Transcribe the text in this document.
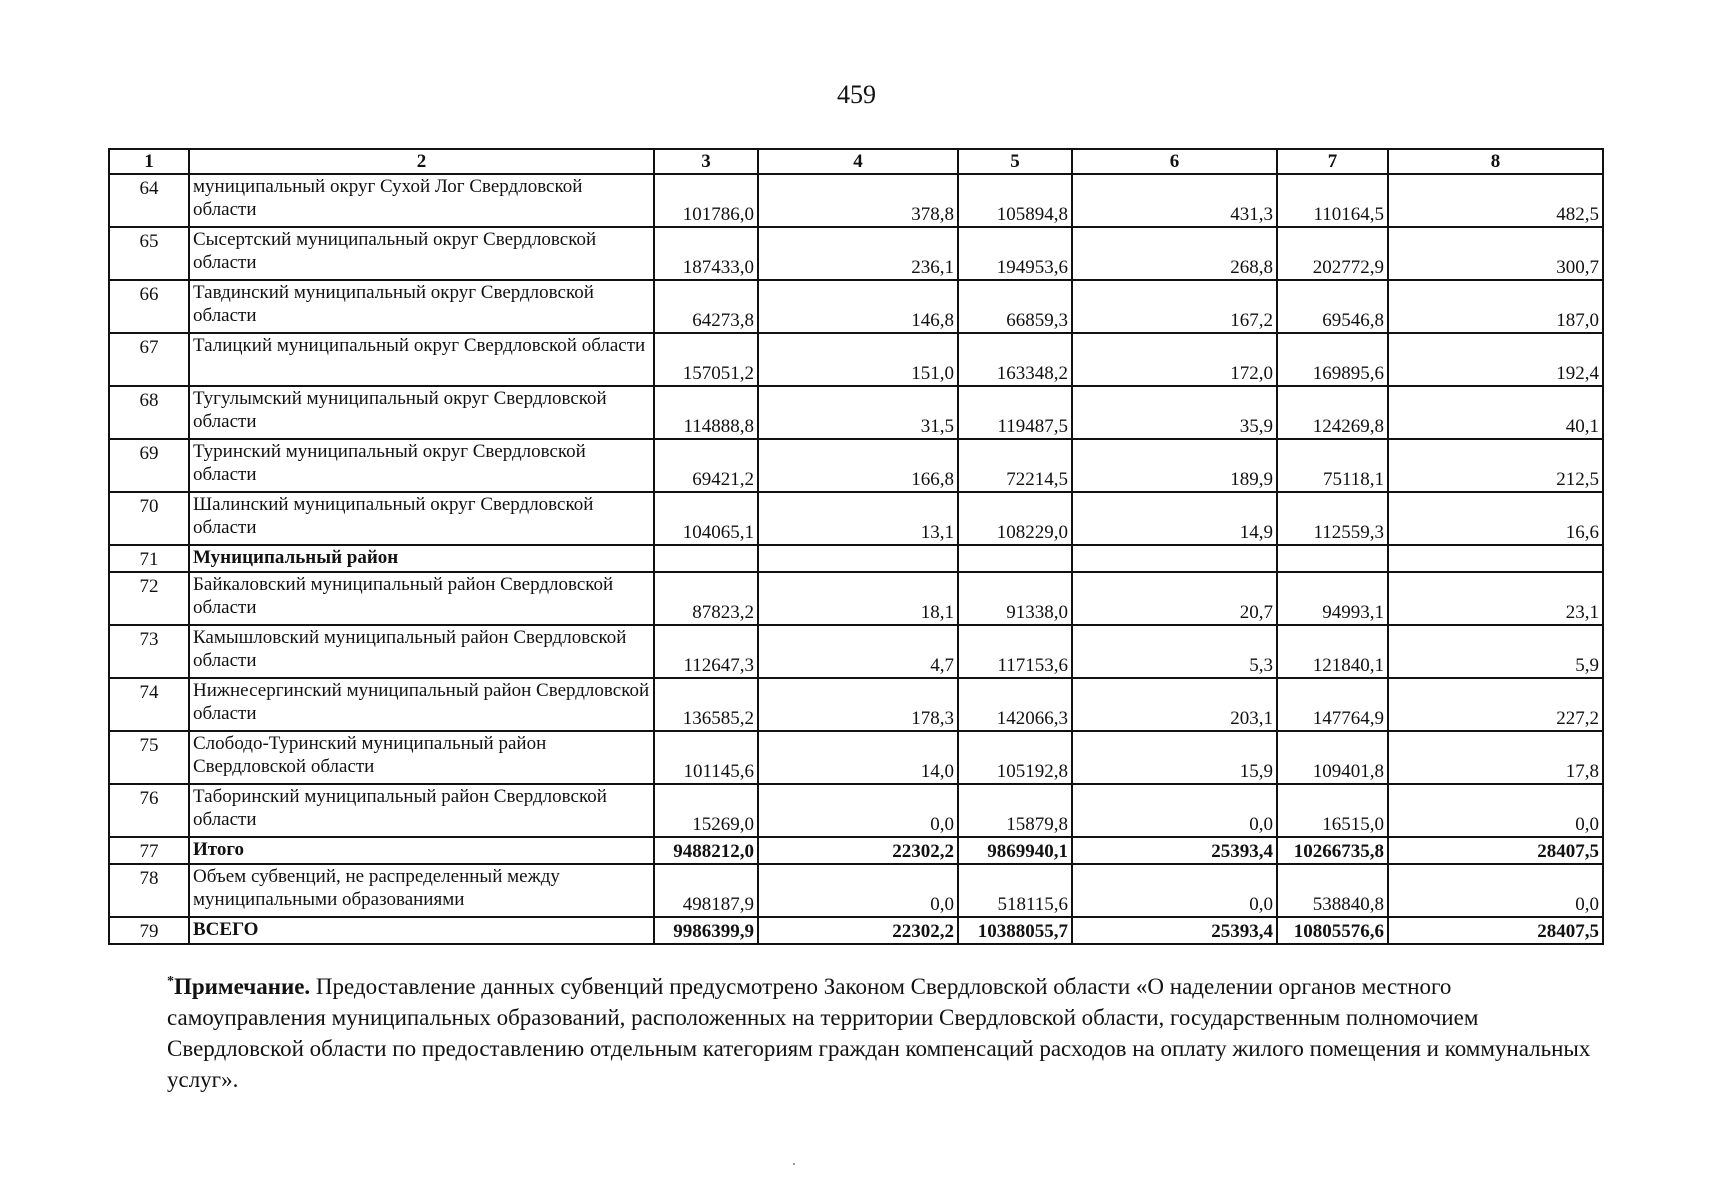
459
1	2	3	4	5	6	7	8
64	муниципальный округ Сухой Лог Свердловской области	101786,0	378,8	105894,8	431,3	110164,5	482,5
65	Сысертский муниципальный округ Свердловской области	187433,0	236,1	194953,6	268,8	202772,9	300,7
66	Тавдинский муниципальный округ Свердловской области	64273,8	146,8	66859,3	167,2	69546,8	187,0
67	Талицкий муниципальный округ Свердловской области	157051,2	151,0	163348,2	172,0	169895,6	192,4
68	Тугулымский муниципальный округ Свердловской области	114888,8	31,5	119487,5	35,9	124269,8	40,1
69	Туринский муниципальный округ Свердловской области	69421,2	166,8	72214,5	189,9	75118,1	212,5
70	Шалинский муниципальный округ Свердловской области	104065,1	13,1	108229,0	14,9	112559,3	16,6
71	Муниципальный район						
72	Байкаловский муниципальный район Свердловской области	87823,2	18,1	91338,0	20,7	94993,1	23,1
73	Камышловский муниципальный район Свердловской области	112647,3	4,7	117153,6	5,3	121840,1	5,9
74	Нижнесергинский муниципальный район Свердловской области	136585,2	178,3	142066,3	203,1	147764,9	227,2
75	Слободо-Туринский муниципальный район Свердловской области	101145,6	14,0	105192,8	15,9	109401,8	17,8
76	Таборинский муниципальный район Свердловской области	15269,0	0,0	15879,8	0,0	16515,0	0,0
77	Итого	9488212,0	22302,2	9869940,1	25393,4	10266735,8	28407,5
78	Объем субвенций, не распределенный между муниципальными образованиями	498187,9	0,0	518115,6	0,0	538840,8	0,0
79	ВСЕГО	9986399,9	22302,2	10388055,7	25393,4	10805576,6	28407,5
*Примечание. Предоставление данных субвенций предусмотрено Законом Свердловской области «О наделении органов местного самоуправления муниципальных образований, расположенных на территории Свердловской области, государственным полномочием Свердловской области по предоставлению отдельным категориям граждан компенсаций расходов на оплату жилого помещения и коммунальных услуг».
